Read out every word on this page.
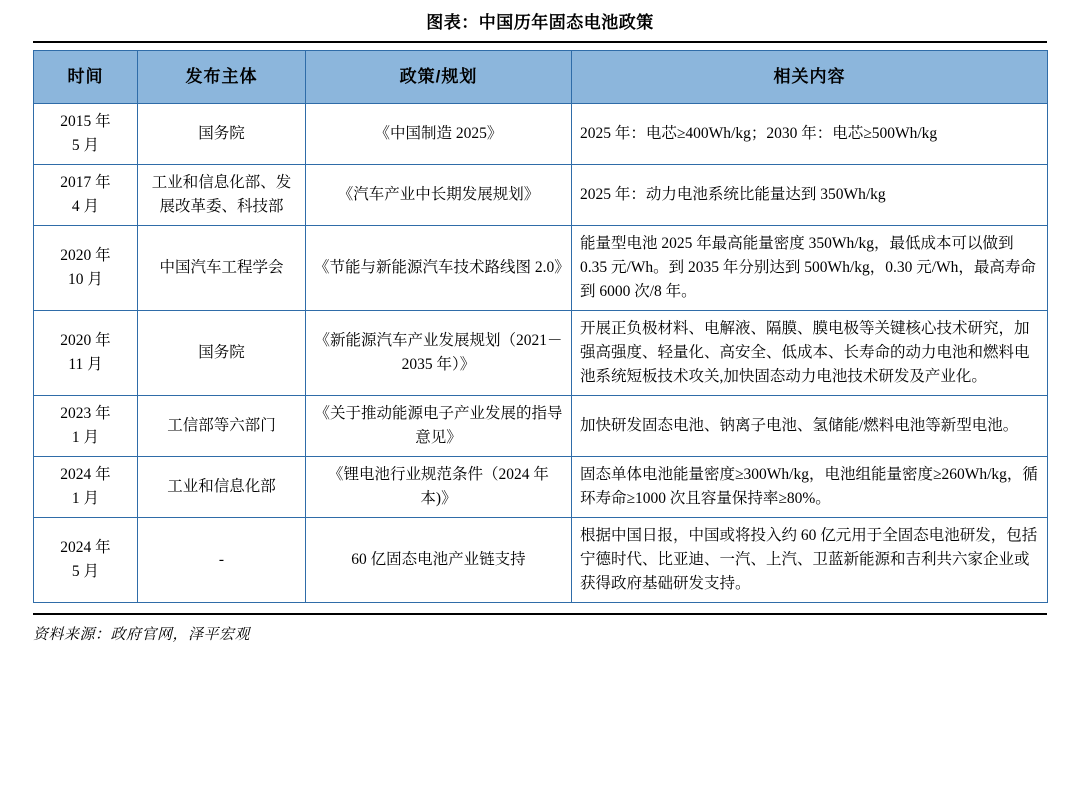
图表：中国历年固态电池政策
时间	发布主体	政策/规划	相关内容

2015 年
5 月	国务院	《中国制造 2025》	2025 年：电芯≥400Wh/kg；2030 年：电芯≥500Wh/kg

2017 年
4 月	工业和信息化部、发展改革委、科技部	《汽车产业中长期发展规划》	2025 年：动力电池系统比能量达到 350Wh/kg

2020 年
10 月	中国汽车工程学会	《节能与新能源汽车技术路线图 2.0》	能量型电池 2025 年最高能量密度 350Wh/kg，最低成本可以做到 0.35 元/Wh。到 2035 年分别达到 500Wh/kg，0.30 元/Wh，最高寿命到 6000 次/8 年。

2020 年
11 月	国务院	《新能源汽车产业发展规划（2021－2035 年）》	开展正负极材料、电解液、隔膜、膜电极等关键核心技术研究，加强高强度、轻量化、高安全、低成本、长寿命的动力电池和燃料电池系统短板技术攻关,加快固态动力电池技术研发及产业化。

2023 年
1 月	工信部等六部门	《关于推动能源电子产业发展的指导意见》	加快研发固态电池、钠离子电池、氢储能/燃料电池等新型电池。

2024 年
1 月	工业和信息化部	《锂电池行业规范条件（2024 年本)》	固态单体电池能量密度≥300Wh/kg，电池组能量密度≥260Wh/kg，循环寿命≥1000 次且容量保持率≥80%。

2024 年
5 月	-	60 亿固态电池产业链支持	根据中国日报，中国或将投入约 60 亿元用于全固态电池研发，包括宁德时代、比亚迪、一汽、上汽、卫蓝新能源和吉利共六家企业或获得政府基础研发支持。
资料来源：政府官网，泽平宏观
